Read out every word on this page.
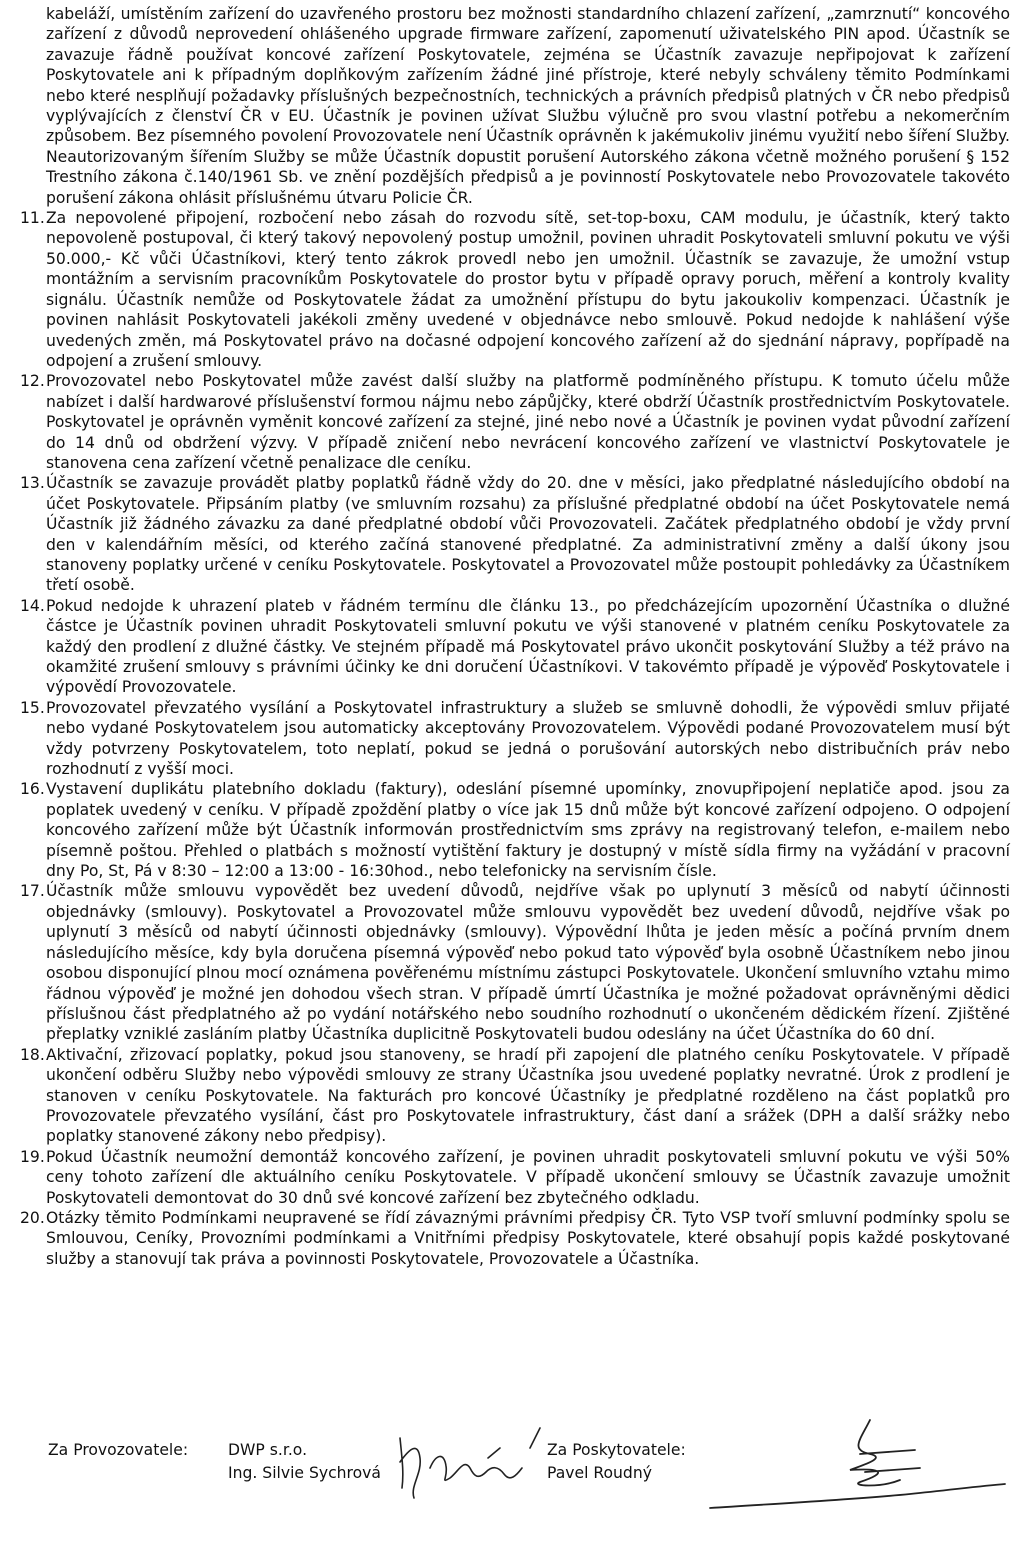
kabeláží, umístěním zařízení do uzavřeného prostoru bez možnosti standardního chlazení zařízení, „zamrznutí“ koncového zařízení z důvodů neprovedení ohlášeného upgrade firmware zařízení, zapomenutí uživatelského PIN apod. Účastník se zavazuje řádně používat koncové zařízení Poskytovatele, zejména se Účastník zavazuje nepřipojovat k zařízení Poskytovatele ani k případným doplňkovým zařízením žádné jiné přístroje, které nebyly schváleny těmito Podmínkami nebo které nesplňují požadavky příslušných bezpečnostních, technických a právních předpisů platných v ČR nebo předpisů vyplývajících z členství ČR v EU. Účastník je povinen užívat Službu výlučně pro svou vlastní potřebu a nekomerčním způsobem. Bez písemného povolení Provozovatele není Účastník oprávněn k jakémukoliv jinému využití nebo šíření Služby. Neautorizovaným šířením Služby se může Účastník dopustit porušení Autorského zákona včetně možného porušení § 152 Trestního zákona č.140/1961 Sb. ve znění pozdějších předpisů a je povinností Poskytovatele nebo Provozovatele takovéto porušení zákona ohlásit příslušnému útvaru Policie ČR.

11. Za nepovolené připojení, rozbočení nebo zásah do rozvodu sítě, set-top-boxu, CAM modulu, je účastník, který takto nepovoleně postupoval, či který takový nepovolený postup umožnil, povinen uhradit Poskytovateli smluvní pokutu ve výši 50.000,- Kč vůči Účastníkovi, který tento zákrok provedl nebo jen umožnil. Účastník se zavazuje, že umožní vstup montážním a servisním pracovníkům Poskytovatele do prostor bytu v případě opravy poruch, měření a kontroly kvality signálu. Účastník nemůže od Poskytovatele žádat za umožnění přístupu do bytu jakoukoliv kompenzaci. Účastník je povinen nahlásit Poskytovateli jakékoli změny uvedené v objednávce nebo smlouvě. Pokud nedojde k nahlášení výše uvedených změn, má Poskytovatel právo na dočasné odpojení koncového zařízení až do sjednání nápravy, popřípadě na odpojení a zrušení smlouvy.
12. Provozovatel nebo Poskytovatel může zavést další služby na platformě podmíněného přístupu. K tomuto účelu může nabízet i další hardwarové příslušenství formou nájmu nebo zápůjčky, které obdrží Účastník prostřednictvím Poskytovatele. Poskytovatel je oprávněn vyměnit koncové zařízení za stejné, jiné nebo nové a Účastník je povinen vydat původní zařízení do 14 dnů od obdržení výzvy. V případě zničení nebo nevrácení koncového zařízení ve vlastnictví Poskytovatele je stanovena cena zařízení včetně penalizace dle ceníku.
13. Účastník se zavazuje provádět platby poplatků řádně vždy do 20. dne v měsíci, jako předplatné následujícího období na účet Poskytovatele. Připsáním platby (ve smluvním rozsahu) za příslušné předplatné období na účet Poskytovatele nemá Účastník již žádného závazku za dané předplatné období vůči Provozovateli. Začátek předplatného období je vždy první den v kalendářním měsíci, od kterého začíná stanovené předplatné. Za administrativní změny a další úkony jsou stanoveny poplatky určené v ceníku Poskytovatele. Poskytovatel a Provozovatel může postoupit pohledávky za Účastníkem třetí osobě.
14. Pokud nedojde k uhrazení plateb v řádném termínu dle článku 13., po předcházejícím upozornění Účastníka o dlužné částce je Účastník povinen uhradit Poskytovateli smluvní pokutu ve výši stanovené v platném ceníku Poskytovatele za každý den prodlení z dlužné částky. Ve stejném případě má Poskytovatel právo ukončit poskytování Služby a též právo na okamžité zrušení smlouvy s právními účinky ke dni doručení Účastníkovi. V takovémto případě je výpověď Poskytovatele i výpovědí Provozovatele.
15. Provozovatel převzatého vysílání a Poskytovatel infrastruktury a služeb se smluvně dohodli, že výpovědi smluv přijaté nebo vydané Poskytovatelem jsou automaticky akceptovány Provozovatelem. Výpovědi podané Provozovatelem musí být vždy potvrzeny Poskytovatelem, toto neplatí, pokud se jedná o porušování autorských nebo distribučních práv nebo rozhodnutí z vyšší moci.
16. Vystavení duplikátu platebního dokladu (faktury), odeslání písemné upomínky, znovupřipojení neplatiče apod. jsou za poplatek uvedený v ceníku. V případě zpoždění platby o více jak 15 dnů může být koncové zařízení odpojeno. O odpojení koncového zařízení může být Účastník informován prostřednictvím sms zprávy na registrovaný telefon, e-mailem nebo písemně poštou. Přehled o platbách s možností vytištění faktury je dostupný v místě sídla firmy na vyžádání v pracovní dny Po, St, Pá v 8:30 – 12:00 a 13:00 - 16:30hod., nebo telefonicky na servisním čísle.
17. Účastník může smlouvu vypovědět bez uvedení důvodů, nejdříve však po uplynutí 3 měsíců od nabytí účinnosti objednávky (smlouvy). Poskytovatel a Provozovatel může smlouvu vypovědět bez uvedení důvodů, nejdříve však po uplynutí 3 měsíců od nabytí účinnosti objednávky (smlouvy). Výpovědní lhůta je jeden měsíc a počíná prvním dnem následujícího měsíce, kdy byla doručena písemná výpověď nebo pokud tato výpověď byla osobně Účastníkem nebo jinou osobou disponující plnou mocí oznámena pověřenému místnímu zástupci Poskytovatele. Ukončení smluvního vztahu mimo řádnou výpověď je možné jen dohodou všech stran. V případě úmrtí Účastníka je možné požadovat oprávněnými dědici příslušnou část předplatného až po vydání notářského nebo soudního rozhodnutí o ukončeném dědickém řízení. Zjištěné přeplatky vzniklé zasláním platby Účastníka duplicitně Poskytovateli budou odeslány na účet Účastníka do 60 dní.
18. Aktivační, zřizovací poplatky, pokud jsou stanoveny, se hradí při zapojení dle platného ceníku Poskytovatele. V případě ukončení odběru Služby nebo výpovědi smlouvy ze strany Účastníka jsou uvedené poplatky nevratné. Úrok z prodlení je stanoven v ceníku Poskytovatele. Na fakturách pro koncové Účastníky je předplatné rozděleno na část poplatků pro Provozovatele převzatého vysílání, část pro Poskytovatele infrastruktury, část daní a srážek (DPH a další srážky nebo poplatky stanovené zákony nebo předpisy).
19. Pokud Účastník neumožní demontáž koncového zařízení, je povinen uhradit poskytovateli smluvní pokutu ve výši 50% ceny tohoto zařízení dle aktuálního ceníku Poskytovatele. V případě ukončení smlouvy se Účastník zavazuje umožnit Poskytovateli demontovat do 30 dnů své koncové zařízení bez zbytečného odkladu.
20. Otázky těmito Podmínkami neupravené se řídí závaznými právními předpisy ČR. Tyto VSP tvoří smluvní podmínky spolu se Smlouvou, Ceníky, Provozními podmínkami a Vnitřními předpisy Poskytovatele, které obsahují popis každé poskytované služby a stanovují tak práva a povinnosti Poskytovatele, Provozovatele a Účastníka.
Za Provozovatele:	DWP s.r.o.
Ing. Silvie Sychrová
Za Poskytovatele:
Pavel Roudný
